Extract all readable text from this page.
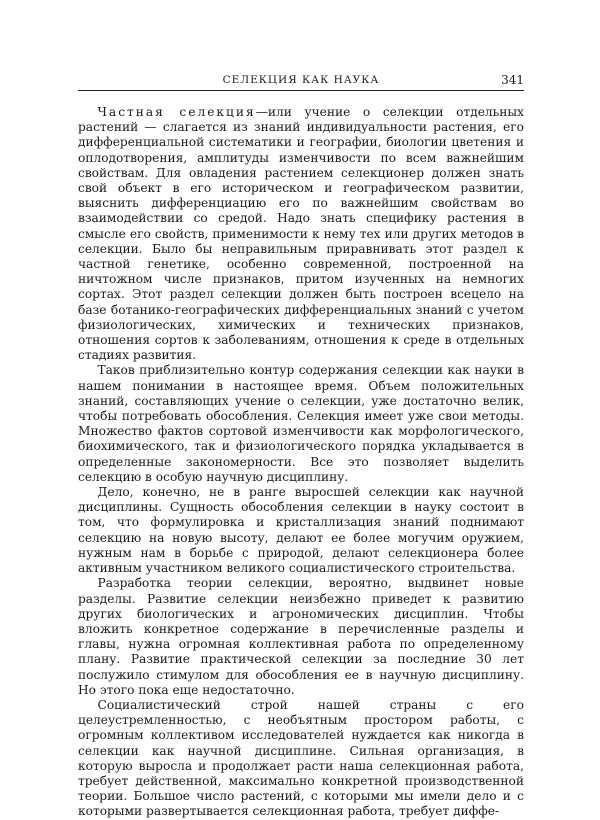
СЕЛЕКЦИЯ КАК НАУКА	341

Частная селекция—или учение о селекции отдельных растений — слагается из знаний индивидуальности растения, его дифференциальной систематики и географии, биологии цветения и оплодотворения, амплитуды изменчивости по всем важнейшим свойствам. Для овладения растением селекционер должен знать свой объект в его историческом и географическом развитии, выяснить дифференциацию его по важнейшим свойствам во взаимодействии со средой. Надо знать специфику растения в смысле его свойств, применимости к нему тех или других методов в селекции. Было бы неправильным приравнивать этот раздел к частной генетике, особенно современной, построенной на ничтожном числе признаков, притом изученных на немногих сортах. Этот раздел селекции должен быть построен всецело на базе ботанико-географических дифференциальных знаний с учетом физиологических, химических и технических признаков, отношения сортов к заболеваниям, отношения к среде в отдельных стадиях развития.

Таков приблизительно контур содержания селекции как науки в нашем понимании в настоящее время. Объем положительных знаний, составляющих учение о селекции, уже достаточно велик, чтобы потребовать обособления. Селекция имеет уже свои методы. Множество фактов сортовой изменчивости как морфологического, биохимического, так и физиологического порядка укладывается в определенные закономерности. Все это позволяет выделить селекцию в особую научную дисциплину.

Дело, конечно, не в ранге выросшей селекции как научной дисциплины. Сущность обособления селекции в науку состоит в том, что формулировка и кристаллизация знаний поднимают селекцию на новую высоту, делают ее более могучим оружием, нужным нам в борьбе с природой, делают селекционера более активным участником великого социалистического строительства.

Разработка теории селекции, вероятно, выдвинет новые разделы. Развитие селекции неизбежно приведет к развитию других биологических и агрономических дисциплин. Чтобы вложить конкретное содержание в перечисленные разделы и главы, нужна огромная коллективная работа по определенному плану. Развитие практической селекции за последние 30 лет послужило стимулом для обособления ее в научную дисциплину. Но этого пока еще недостаточно.

Социалистический строй нашей страны с его целеустремленностью, с необъятным простором работы, с огромным коллективом исследователей нуждается как никогда в селекции как научной дисциплине. Сильная организация, в которую выросла и продолжает расти наша селекционная работа, требует действенной, максимально конкретной производственной теории. Большое число растений, с которыми мы имели дело и с которыми развертывается селекционная работа, требует диффе-
